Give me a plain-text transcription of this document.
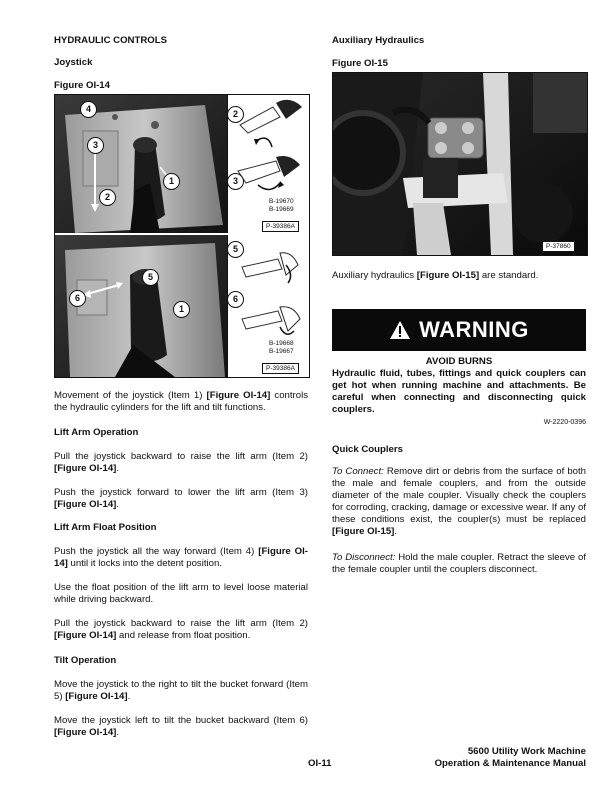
HYDRAULIC CONTROLS
Joystick
Figure OI-14
B-19670
B-19669
P-39386A
B-19668
B-19667
P-39386A
4
3
2
1
2
3
5
6
1
5
6

Movement of the joystick (Item 1) [Figure OI-14] controls the hydraulic cylinders for the lift and tilt functions.

Lift Arm Operation

Pull the joystick backward to raise the lift arm (Item 2) [Figure OI-14].

Push the joystick forward to lower the lift arm (Item 3) [Figure OI-14].

Lift Arm Float Position

Push the joystick all the way forward (Item 4) [Figure OI-14] until it locks into the detent position.

Use the float position of the lift arm to level loose material while driving backward.

Pull the joystick backward to raise the lift arm (Item 2) [Figure OI-14] and release from float position.

Tilt Operation

Move the joystick to the right to tilt the bucket forward (Item 5) [Figure OI-14].

Move the joystick left to tilt the bucket backward (Item 6) [Figure OI-14].

Auxiliary Hydraulics
Figure OI-15
P-37860

Auxiliary hydraulics [Figure OI-15] are standard.

WARNING
AVOID BURNS

Hydraulic fluid, tubes, fittings and quick couplers can get hot when running machine and attachments. Be careful when connecting and disconnecting quick couplers.

W-2220-0396
Quick Couplers

To Connect: Remove dirt or debris from the surface of both the male and female couplers, and from the outside diameter of the male coupler. Visually check the couplers for corroding, cracking, damage or excessive wear. If any of these conditions exist, the coupler(s) must be replaced [Figure OI-15].

To Disconnect: Hold the male coupler. Retract the sleeve of the female coupler until the couplers disconnect.

OI-11
5600 Utility Work Machine
Operation & Maintenance Manual
